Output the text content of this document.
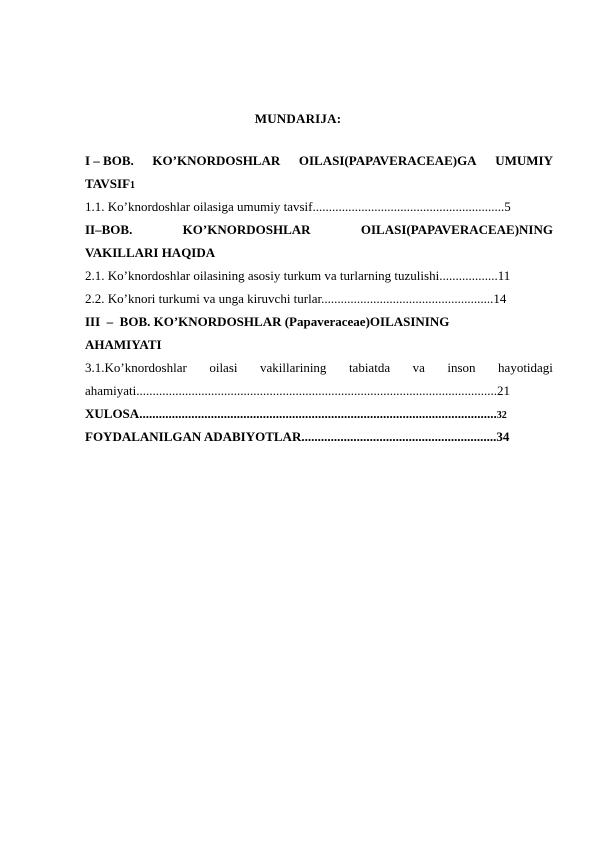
MUNDARIJA:
I – BOB. KO’KNORDOSHLAR OILASI(PAPAVERACEAE)GA UMUMIY
TAVSIF1
1.1. Ko’knordoshlar oilasiga umumiy tavsif...........................................................5
II–BOB.	KO’KNORDOSHLAR	OILASI(PAPAVERACEAE)NING
VAKILLARI HAQIDA
2.1. Ko’knordoshlar oilasining asosiy turkum va turlarning tuzulishi..................11
2.2. Ko’knori turkumi va unga kiruvchi turlar.....................................................14
III  –  BOB. KO’KNORDOSHLAR (Papaveraceae)OILASINING
AHAMIYATI
3.1.Ko’knordoshlar oilasi vakillarining tabiatda va inson hayotidagi
ahamiyati...............................................................................................................21
XULOSA..............................................................................................................32
FOYDALANILGAN ADABIYOTLAR............................................................34
